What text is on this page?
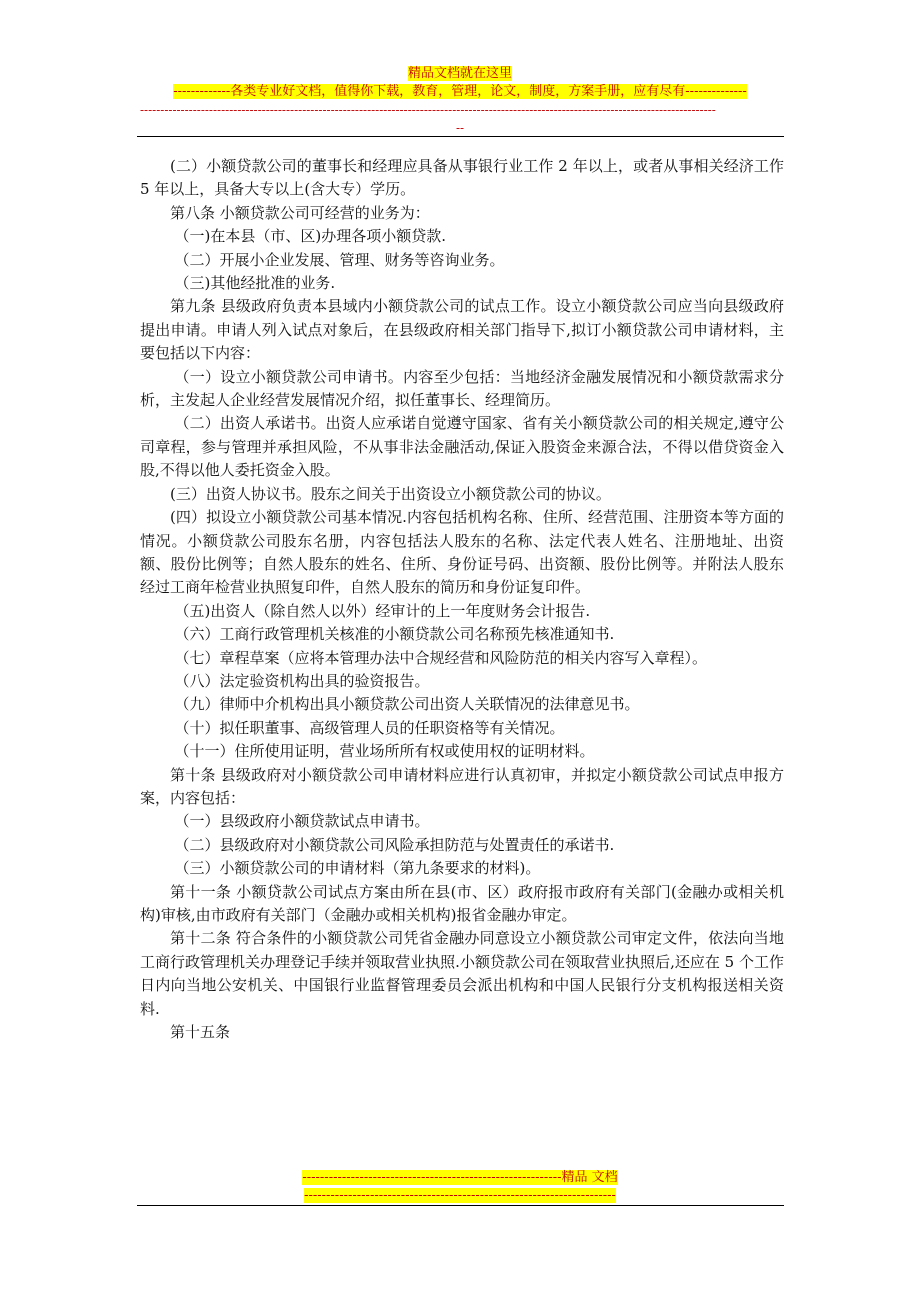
精品文档就在这里
-------------各类专业好文档，值得你下载，教育，管理，论文，制度，方案手册，应有尽有--------------
----------------------------------------------------------------------------------------------------------------------------------------------
--

(二）小额贷款公司的董事长和经理应具备从事银行业工作 2 年以上，或者从事相关经济工作 5 年以上，具备大专以上(含大专）学历。

第八条 小额贷款公司可经营的业务为：

（一)在本县（市、区)办理各项小额贷款.

（二）开展小企业发展、管理、财务等咨询业务。

（三)其他经批准的业务.

第九条 县级政府负责本县域内小额贷款公司的试点工作。设立小额贷款公司应当向县级政府提出申请。申请人列入试点对象后，在县级政府相关部门指导下,拟订小额贷款公司申请材料，主要包括以下内容：

（一）设立小额贷款公司申请书。内容至少包括：当地经济金融发展情况和小额贷款需求分析，主发起人企业经营发展情况介绍，拟任董事长、经理简历。

（二）出资人承诺书。出资人应承诺自觉遵守国家、省有关小额贷款公司的相关规定,遵守公司章程，参与管理并承担风险，不从事非法金融活动,保证入股资金来源合法，不得以借贷资金入股,不得以他人委托资金入股。

(三）出资人协议书。股东之间关于出资设立小额贷款公司的协议。

(四）拟设立小额贷款公司基本情况.内容包括机构名称、住所、经营范围、注册资本等方面的情况。小额贷款公司股东名册，内容包括法人股东的名称、法定代表人姓名、注册地址、出资额、股份比例等；自然人股东的姓名、住所、身份证号码、出资额、股份比例等。并附法人股东经过工商年检营业执照复印件，自然人股东的简历和身份证复印件。

（五)出资人（除自然人以外）经审计的上一年度财务会计报告.

（六）工商行政管理机关核准的小额贷款公司名称预先核准通知书.

（七）章程草案（应将本管理办法中合规经营和风险防范的相关内容写入章程）。

（八）法定验资机构出具的验资报告。

（九）律师中介机构出具小额贷款公司出资人关联情况的法律意见书。

（十）拟任职董事、高级管理人员的任职资格等有关情况。

（十一）住所使用证明，营业场所所有权或使用权的证明材料。

第十条 县级政府对小额贷款公司申请材料应进行认真初审，并拟定小额贷款公司试点申报方案，内容包括：

（一）县级政府小额贷款试点申请书。

（二）县级政府对小额贷款公司风险承担防范与处置责任的承诺书.

（三）小额贷款公司的申请材料（第九条要求的材料)。

第十一条 小额贷款公司试点方案由所在县(市、区）政府报市政府有关部门(金融办或相关机构)审核,由市政府有关部门（金融办或相关机构)报省金融办审定。

第十二条 符合条件的小额贷款公司凭省金融办同意设立小额贷款公司审定文件，依法向当地工商行政管理机关办理登记手续并领取营业执照.小额贷款公司在领取营业执照后,还应在 5 个工作日内向当地公安机关、中国银行业监督管理委员会派出机构和中国人民银行分支机构报送相关资料.

第十五条

-----------------------------------------------------------精品 文档
-----------------------------------------------------------------------
